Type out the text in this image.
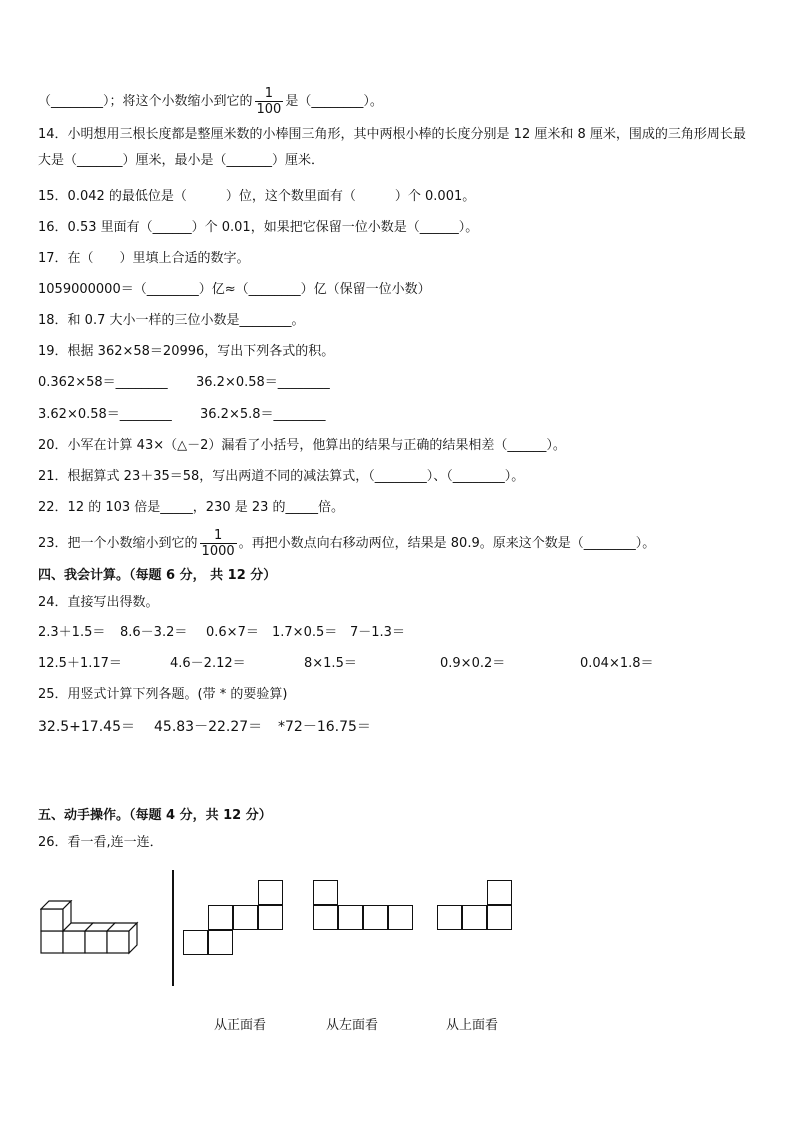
（________）；将这个小数缩小到它的 $\frac{1}{100}$ 是（________）。
14．小明想用三根长度都是整厘米数的小棒围三角形，其中两根小棒的长度分别是 12 厘米和 8 厘米，围成的三角形周长最大是（_______）厘米，最小是（_______）厘米．
15．0.042 的最低位是（　　　）位，这个数里面有（　　　）个 0.001。
16．0.53 里面有（______）个 0.01，如果把它保留一位小数是（______）。
17．在（　　）里填上合适的数字。
1059000000＝（________）亿≈（________）亿（保留一位小数）
18．和 0.7 大小一样的三位小数是________。
19．根据 362×58＝20996，写出下列各式的积。
0.362×58＝________ 36.2×0.58＝________
3.62×0.58＝________ 36.2×5.8＝________
20．小军在计算 43×（△－2）漏看了小括号，他算出的结果与正确的结果相差（______）。
21．根据算式 23＋35＝58，写出两道不同的减法算式，（________）、（________）。
22．12 的 103 倍是_____，230 是 23 的_____倍。
23．把一个小数缩小到它的 $\frac{1}{1000}$ 。再把小数点向右移动两位，结果是 80.9。原来这个数是（________）。
四、我会计算。（每题 6 分， 共 12 分）
24．直接写出得数。
2.3＋1.5＝ 8.6－3.2＝ 0.6×7＝ 1.7×0.5＝ 7－1.3＝
12.5＋1.17＝	4.6－2.12＝	8×1.5＝	0.9×0.2＝	0.04×1.8＝
25．用竖式计算下列各题。(带 * 的要验算)
32.5+17.45＝ 45.83－22.27＝ *72－16.75＝
五、动手操作。（每题 4 分，共 12 分）
26．看一看,连一连．
从正面看	从左面看	从上面看
